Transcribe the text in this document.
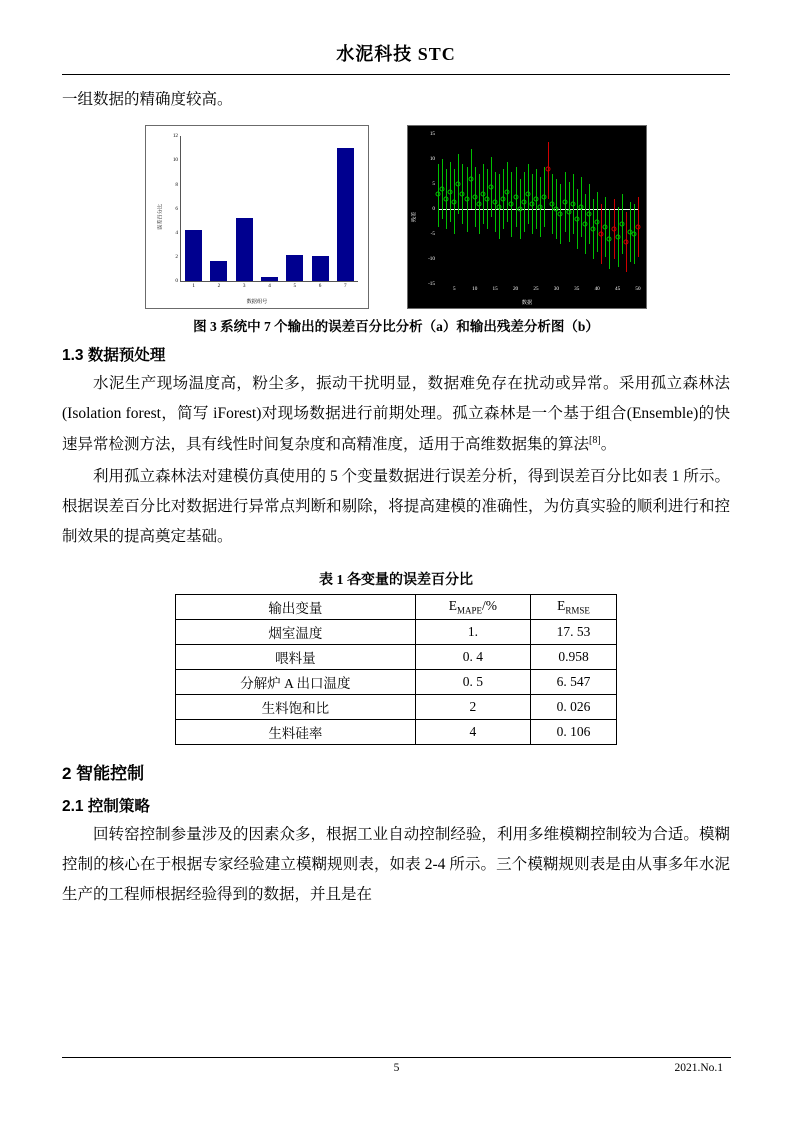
水泥科技 STC

一组数据的精确度较高。

误差百分比
数据组号
0
2
4
6
8
10
12
1	2	3	4	5	6	7
残差
数据
-15
-10
-5
0
5
10
15
5	10	15	20	25	30	35	40	45	50
图 3 系统中 7 个输出的误差百分比分析（a）和输出残差分析图（b）
1.3 数据预处理

水泥生产现场温度高，粉尘多，振动干扰明显，数据难免存在扰动或异常。采用孤立森林法(Isolation forest，简写 iForest)对现场数据进行前期处理。孤立森林是一个基于组合(Ensemble)的快速异常检测方法，具有线性时间复杂度和高精准度，适用于高维数据集的算法[8]。

利用孤立森林法对建模仿真使用的 5 个变量数据进行误差分析，得到误差百分比如表 1 所示。根据误差百分比对数据进行异常点判断和剔除，将提高建模的准确性，为仿真实验的顺利进行和控制效果的提高奠定基础。

表 1 各变量的误差百分比
输出变量	$E_{MAPE}/\%$	$E_{RMSE}$
烟室温度	1.	17. 53
喂料量	0. 4	0.958
分解炉 A 出口温度	0. 5	6. 547
生料饱和比	2	0. 026
生料硅率	4	0. 106
2 智能控制
2.1 控制策略

回转窑控制参量涉及的因素众多，根据工业自动控制经验，利用多维模糊控制较为合适。模糊控制的核心在于根据专家经验建立模糊规则表，如表 2-4 所示。三个模糊规则表是由从事多年水泥生产的工程师根据经验得到的数据，并且是在

5	2021.No.1
